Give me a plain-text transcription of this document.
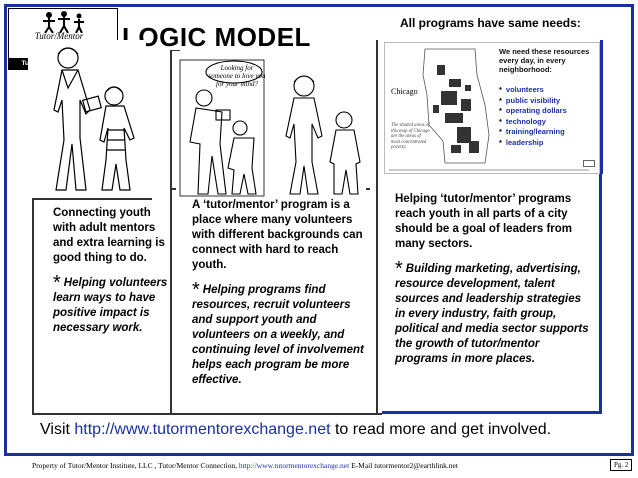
Tutor/Mentor
Connection
Tutor/Mentor Institute, LLC
LOGIC MODEL	All programs have same needs:
Looking for someone to love you for your mind?
Chicago
The shaded areas of this map of Chicago are the areas of most concentrated poverty.
We need these resources every day, in every neighborhood:
* volunteers
* public visibility
* operating dollars
* technology
* training/learning
* leadership
Connecting youth with adult mentors and extra learning is good thing to do.
* Helping volunteers learn ways to have positive impact is necessary work.
A ‘tutor/mentor’ program is a place where many volunteers with different backgrounds can connect with hard to reach youth.
* Helping programs find resources, recruit volunteers and support youth and volunteers on a weekly, and continuing level of involvement helps each program be more effective.
Helping ‘tutor/mentor’ programs reach youth in all parts of a city should be a goal of leaders from many sectors.
* Building marketing, advertising, resource development, talent sources and leadership strategies in every industry, faith group, political and media sector supports the growth of tutor/mentor programs in more places.
Visit http://www.tutormentorexchange.net to read more and get involved.
Property of Tutor/Mentor Institute, LLC , Tutor/Mentor Connection, http://www.tutormentorexchange.net E-Mail tutormentor2@earthlink.net	Pg. 2
